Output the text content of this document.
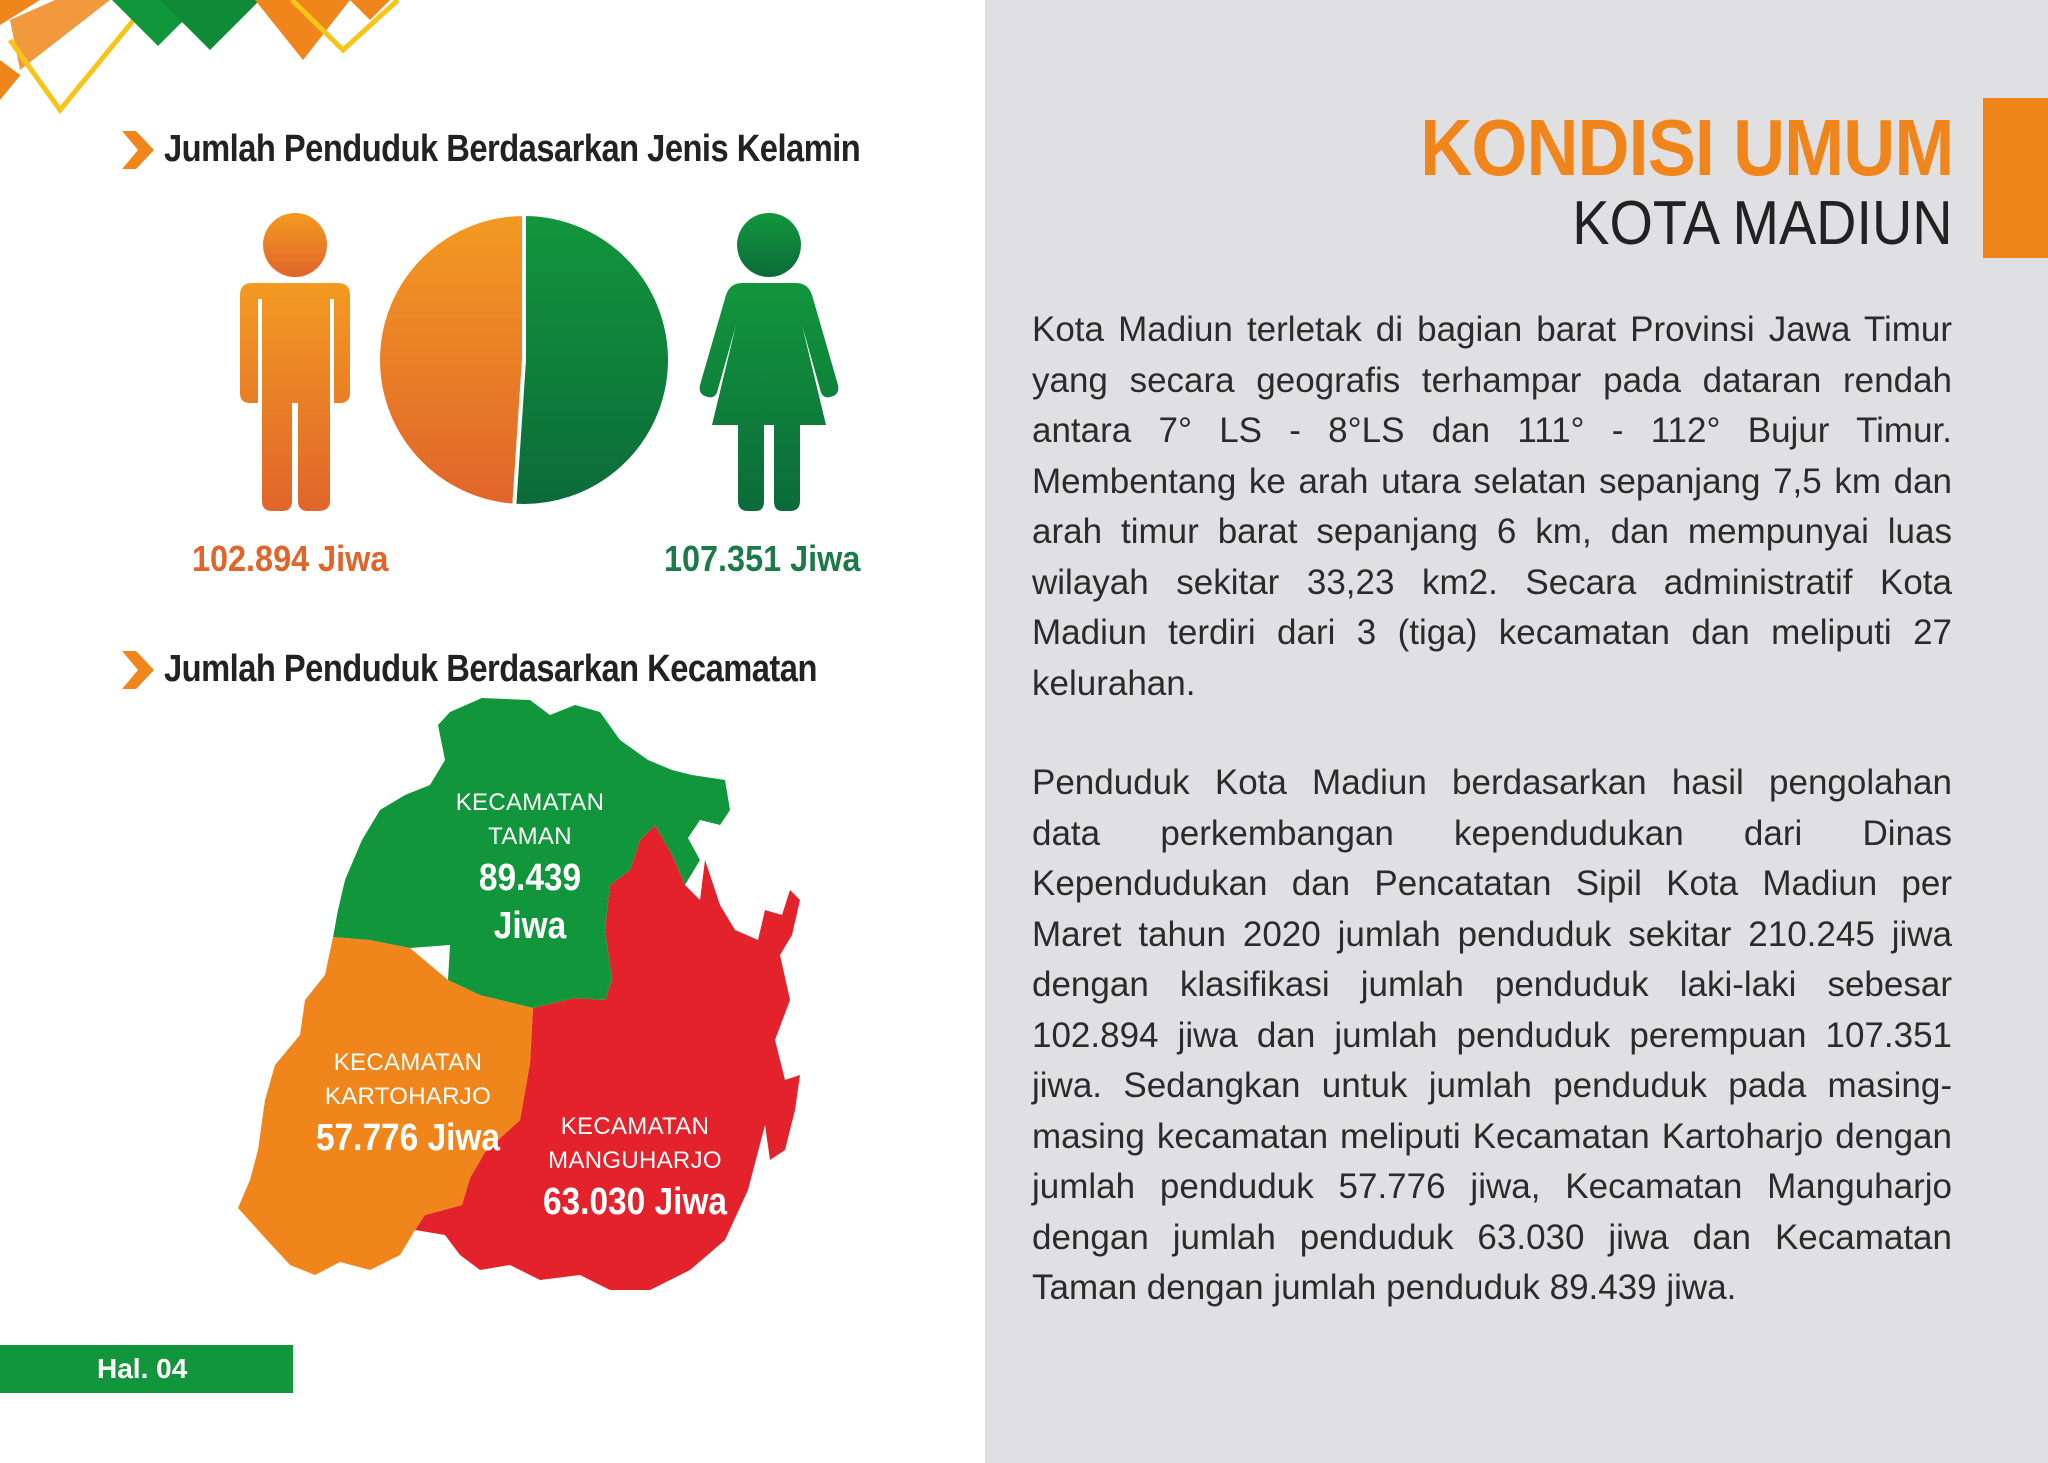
Jumlah Penduduk Berdasarkan Jenis Kelamin
102.894 Jiwa	107.351 Jiwa
Jumlah Penduduk Berdasarkan Kecamatan
KECAMATAN
TAMAN
89.439 Jiwa
KECAMATAN
KARTOHARJO
57.776 Jiwa	KECAMATAN
MANGUHARJO
63.030 Jiwa
Hal. 04
KONDISI UMUM
KOTA MADIUN

Kota Madiun terletak di bagian barat Provinsi Jawa Timur yang secara geografis terhampar pada dataran rendah antara 7° LS - 8°LS dan 111° - 112° Bujur Timur. Membentang ke arah utara selatan sepanjang 7,5 km dan arah timur barat sepanjang 6 km, dan mempunyai luas wilayah sekitar 33,23 km2. Secara administratif Kota Madiun terdiri dari 3 (tiga) kecamatan dan meliputi 27 kelurahan.

Penduduk Kota Madiun berdasarkan hasil pengolahan data perkembangan kependudukan dari Dinas Kependudukan dan Pencatatan Sipil Kota Madiun per Maret tahun 2020 jumlah penduduk sekitar 210.245 jiwa dengan klasifikasi jumlah penduduk laki-laki sebesar 102.894 jiwa dan jumlah penduduk perempuan 107.351 jiwa. Sedangkan untuk jumlah penduduk pada masing-masing kecamatan meliputi Kecamatan Kartoharjo dengan jumlah penduduk 57.776 jiwa, Kecamatan Manguharjo dengan jumlah penduduk 63.030 jiwa dan Kecamatan Taman dengan jumlah penduduk 89.439 jiwa.
